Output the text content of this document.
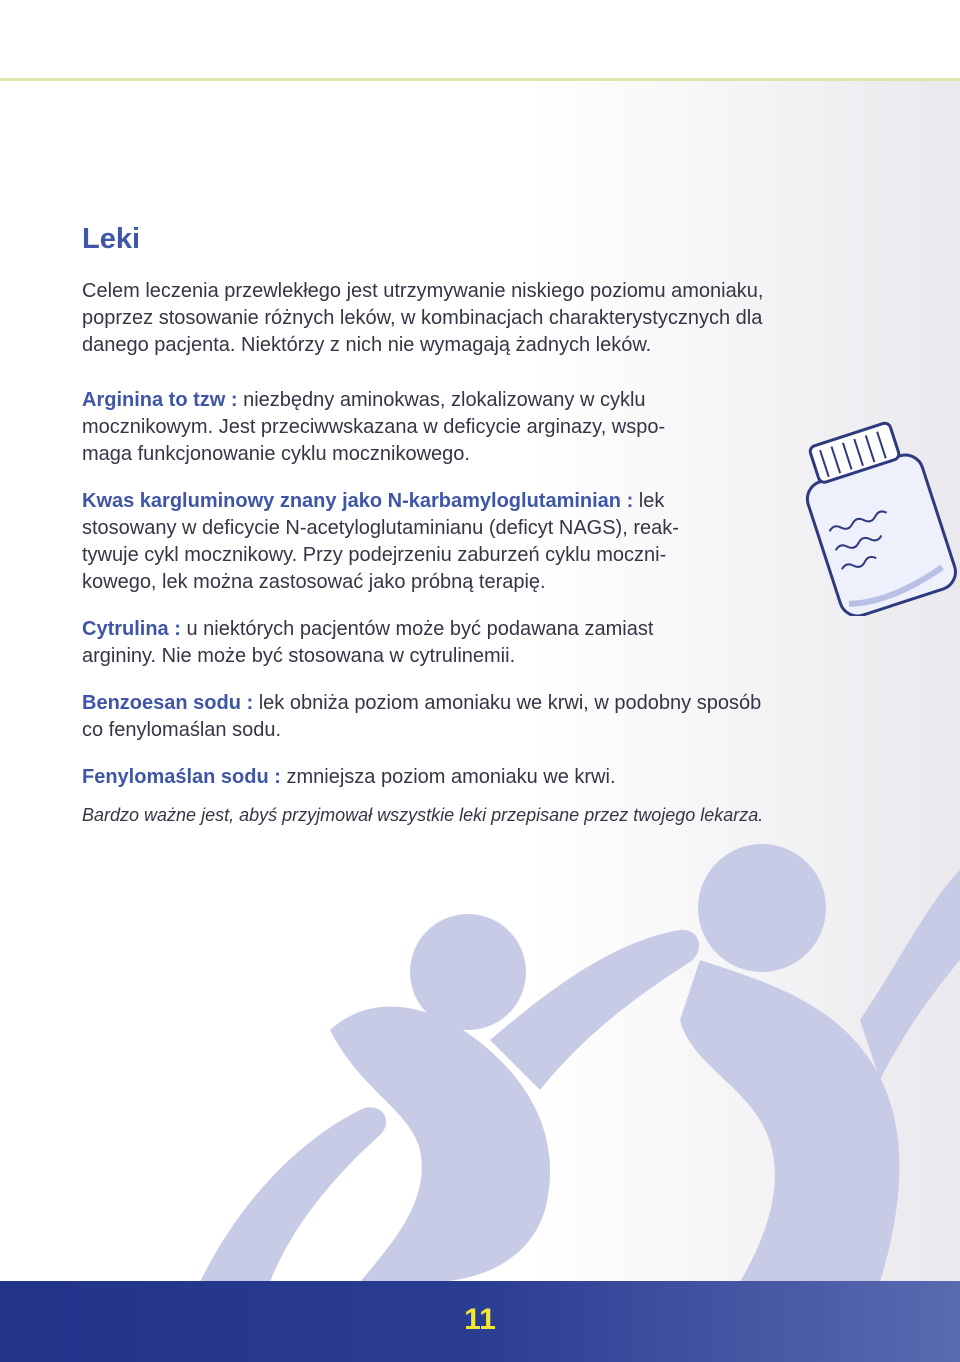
Leki

Celem leczenia przewlekłego jest utrzymywanie niskiego poziomu amoniaku,
poprzez stosowanie różnych leków, w kombinacjach charakterystycznych dla
danego pacjenta. Niektórzy z nich nie wymagają żadnych leków.

Arginina to tzw : niezbędny aminokwas, zlokalizowany w cyklu
mocznikowym. Jest przeciwwskazana w deficycie arginazy, wspo-
maga funkcjonowanie cyklu mocznikowego.

Kwas kargluminowy znany jako N-karbamyloglutaminian : lek
stosowany w deficycie N-acetyloglutaminianu (deficyt NAGS), reak-
tywuje cykl mocznikowy. Przy podejrzeniu zaburzeń cyklu moczni-
kowego, lek można zastosować jako próbną terapię.

Cytrulina : u niektórych pacjentów może być podawana zamiast
argininy. Nie może być stosowana w cytrulinemii.

Benzoesan sodu : lek obniża poziom amoniaku we krwi, w podobny sposób
co fenylomaślan sodu.

Fenylomaślan sodu : zmniejsza poziom amoniaku we krwi.

Bardzo ważne jest, abyś przyjmował wszystkie leki przepisane przez twojego lekarza.

11
